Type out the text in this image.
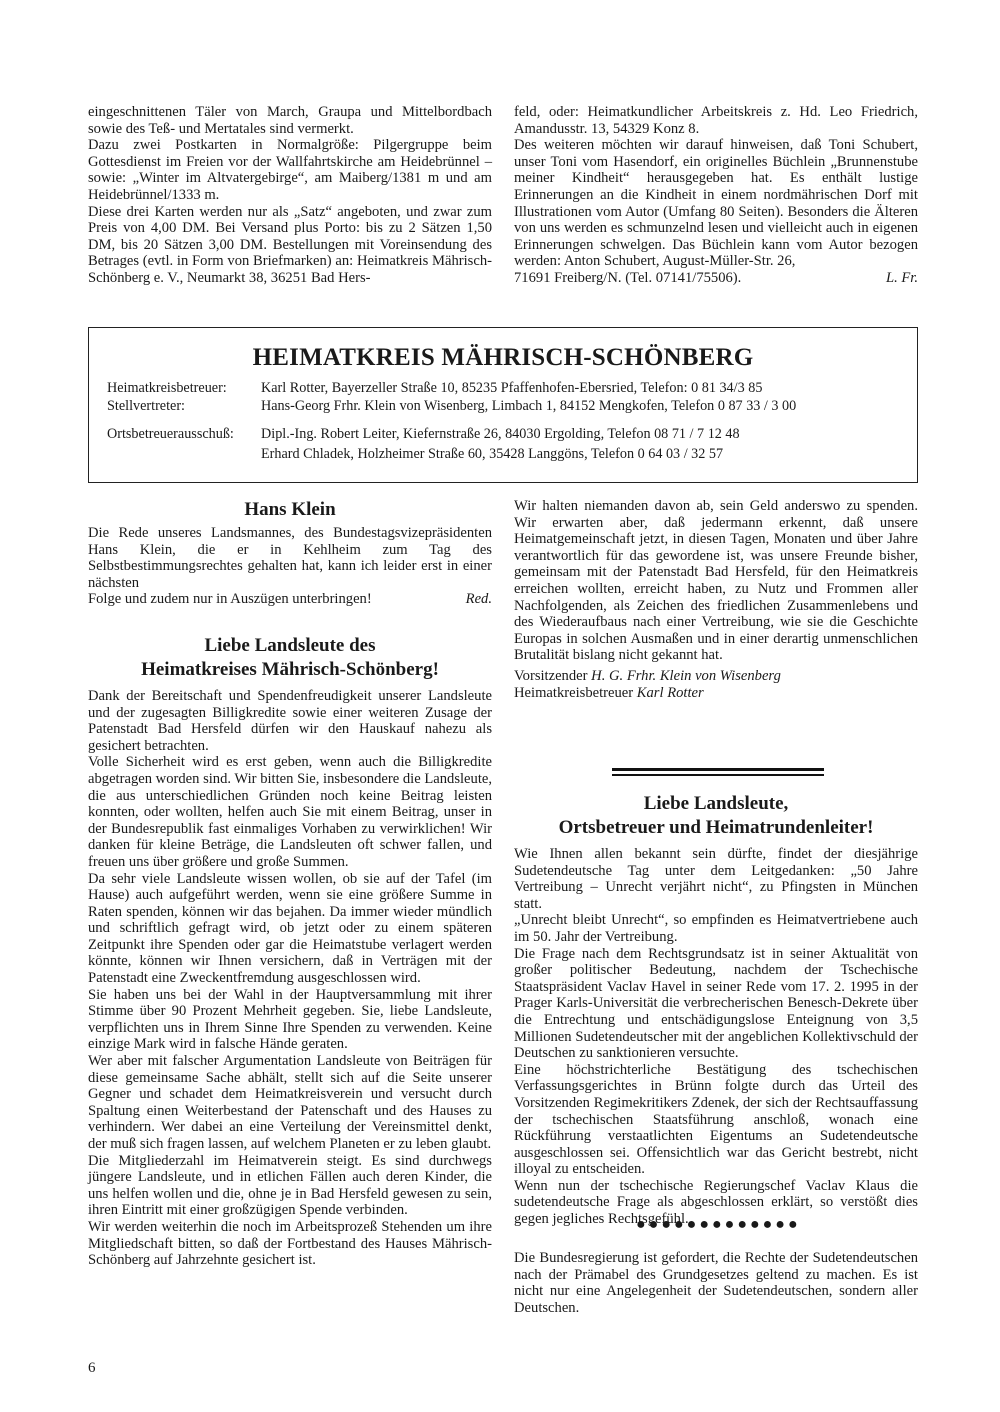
eingeschnittenen Täler von March, Graupa und Mittelbordbach sowie des Teß- und Mertatales sind vermerkt.

Dazu zwei Postkarten in Normalgröße: Pilgergruppe beim Gottesdienst im Freien vor der Wallfahrtskirche am Heidebrünnel – sowie: „Winter im Altvatergebirge“, am Maiberg/1381 m und am Heidebrünnel/1333 m.

Diese drei Karten werden nur als „Satz“ angeboten, und zwar zum Preis von 4,00 DM. Bei Versand plus Porto: bis zu 2 Sätzen 1,50 DM, bis 20 Sätzen 3,00 DM. Bestellungen mit Voreinsendung des Betrages (evtl. in Form von Briefmarken) an: Heimatkreis Mährisch-Schönberg e. V., Neumarkt 38, 36251 Bad Hers-

feld, oder: Heimatkundlicher Arbeitskreis z. Hd. Leo Friedrich, Amandusstr. 13, 54329 Konz 8.

Des weiteren möchten wir darauf hinweisen, daß Toni Schubert, unser Toni vom Hasendorf, ein originelles Büchlein „Brunnenstube meiner Kindheit“ herausgegeben hat. Es enthält lustige Erinnerungen an die Kindheit in einem nordmährischen Dorf mit Illustrationen vom Autor (Umfang 80 Seiten). Besonders die Älteren von uns werden es schmunzelnd lesen und vielleicht auch in eigenen Erinnerungen schwelgen. Das Büchlein kann vom Autor bezogen werden: Anton Schubert, August-Müller-Str. 26,

71691 Freiberg/N. (Tel. 07141/75506).	L. Fr.
HEIMATKREIS MÄHRISCH-SCHÖNBERG
Heimatkreisbetreuer: Karl Rotter, Bayerzeller Straße 10, 85235 Pfaffenhofen-Ebersried, Telefon: 0 81 34/3 85
Stellvertreter:	Hans-Georg Frhr. Klein von Wisenberg, Limbach 1, 84152 Mengkofen, Telefon 0 87 33 / 3 00
Ortsbetreuerausschuß: Dipl.-Ing. Robert Leiter, Kiefernstraße 26, 84030 Ergolding, Telefon 08 71 / 7 12 48
Erhard Chladek, Holzheimer Straße 60, 35428 Langgöns, Telefon 0 64 03 / 32 57
Hans Klein

Die Rede unseres Landsmannes, des Bundestagsvizepräsidenten Hans Klein, die er in Kehlheim zum Tag des Selbstbestimmungsrechtes gehalten hat, kann ich leider erst in einer nächsten

Folge und zudem nur in Auszügen unterbringen!	Red.
Liebe Landsleute des
Heimatkreises Mährisch-Schönberg!

Dank der Bereitschaft und Spendenfreudigkeit unserer Landsleute und der zugesagten Billigkredite sowie einer weiteren Zusage der Patenstadt Bad Hersfeld dürfen wir den Hauskauf nahezu als gesichert betrachten.

Volle Sicherheit wird es erst geben, wenn auch die Billigkredite abgetragen worden sind. Wir bitten Sie, insbesondere die Landsleute, die aus unterschiedlichen Gründen noch keine Beitrag leisten konnten, oder wollten, helfen auch Sie mit einem Beitrag, unser in der Bundesrepublik fast einmaliges Vorhaben zu verwirklichen! Wir danken für kleine Beträge, die Landsleuten oft schwer fallen, und freuen uns über größere und große Summen.

Da sehr viele Landsleute wissen wollen, ob sie auf der Tafel (im Hause) auch aufgeführt werden, wenn sie eine größere Summe in Raten spenden, können wir das bejahen. Da immer wieder mündlich und schriftlich gefragt wird, ob jetzt oder zu einem späteren Zeitpunkt ihre Spenden oder gar die Heimatstube verlagert werden könnte, können wir Ihnen versichern, daß in Verträgen mit der Patenstadt eine Zweckentfremdung ausgeschlossen wird.

Sie haben uns bei der Wahl in der Hauptversammlung mit ihrer Stimme über 90 Prozent Mehrheit gegeben. Sie, liebe Landsleute, verpflichten uns in Ihrem Sinne Ihre Spenden zu verwenden. Keine einzige Mark wird in falsche Hände geraten.

Wer aber mit falscher Argumentation Landsleute von Beiträgen für diese gemeinsame Sache abhält, stellt sich auf die Seite unserer Gegner und schadet dem Heimatkreisverein und versucht durch Spaltung einen Weiterbestand der Patenschaft und des Hauses zu verhindern. Wer dabei an eine Verteilung der Vereinsmittel denkt, der muß sich fragen lassen, auf welchem Planeten er zu leben glaubt.

Die Mitgliederzahl im Heimatverein steigt. Es sind durchwegs jüngere Landsleute, und in etlichen Fällen auch deren Kinder, die uns helfen wollen und die, ohne je in Bad Hersfeld gewesen zu sein, ihren Eintritt mit einer großzügigen Spende verbinden.

Wir werden weiterhin die noch im Arbeitsprozeß Stehenden um ihre Mitgliedschaft bitten, so daß der Fortbestand des Hauses Mährisch-Schönberg auf Jahrzehnte gesichert ist.

Wir halten niemanden davon ab, sein Geld anderswo zu spenden. Wir erwarten aber, daß jedermann erkennt, daß unsere Heimatgemeinschaft jetzt, in diesen Tagen, Monaten und über Jahre verantwortlich für das gewordene ist, was unsere Freunde bisher, gemeinsam mit der Patenstadt Bad Hersfeld, für den Heimatkreis erreichen wollten, erreicht haben, zu Nutz und Frommen aller Nachfolgenden, als Zeichen des friedlichen Zusammenlebens und des Wiederaufbaus nach einer Vertreibung, wie sie die Geschichte Europas in solchen Ausmaßen und in einer derartig unmenschlichen Brutalität bislang nicht gekannt hat.

Vorsitzender H. G. Frhr. Klein von Wisenberg

Heimatkreisbetreuer Karl Rotter

Liebe Landsleute,
Ortsbetreuer und Heimatrundenleiter!

Wie Ihnen allen bekannt sein dürfte, findet der diesjährige Sudetendeutsche Tag unter dem Leitgedanken: „50 Jahre Vertreibung – Unrecht verjährt nicht“, zu Pfingsten in München statt.

„Unrecht bleibt Unrecht“, so empfinden es Heimatvertriebene auch im 50. Jahr der Vertreibung.

Die Frage nach dem Rechtsgrundsatz ist in seiner Aktualität von großer politischer Bedeutung, nachdem der Tschechische Staatspräsident Vaclav Havel in seiner Rede vom 17. 2. 1995 in der Prager Karls-Universität die verbrecherischen Benesch-Dekrete über die Entrechtung und entschädigungslose Enteignung von 3,5 Millionen Sudetendeutscher mit der angeblichen Kollektivschuld der Deutschen zu sanktionieren versuchte.

Eine höchstrichterliche Bestätigung des tschechischen Verfassungsgerichtes in Brünn folgte durch das Urteil des Vorsitzenden Regimekritikers Zdenek, der sich der Rechtsauffassung der tschechischen Staatsführung anschloß, wonach eine Rückführung verstaatlichten Eigentums an Sudetendeutsche ausgeschlossen sei. Offensichtlich war das Gericht bestrebt, nicht illoyal zu entscheiden.

Wenn nun der tschechische Regierungschef Vaclav Klaus die sudetendeutsche Frage als abgeschlossen erklärt, so verstößt dies gegen jegliches Rechtsgefühl.

●●●●●●●●●●●●●

Die Bundesregierung ist gefordert, die Rechte der Sudetendeutschen nach der Prämabel des Grundgesetzes geltend zu machen. Es ist nicht nur eine Angelegenheit der Sudetendeutschen, sondern aller Deutschen.

6
